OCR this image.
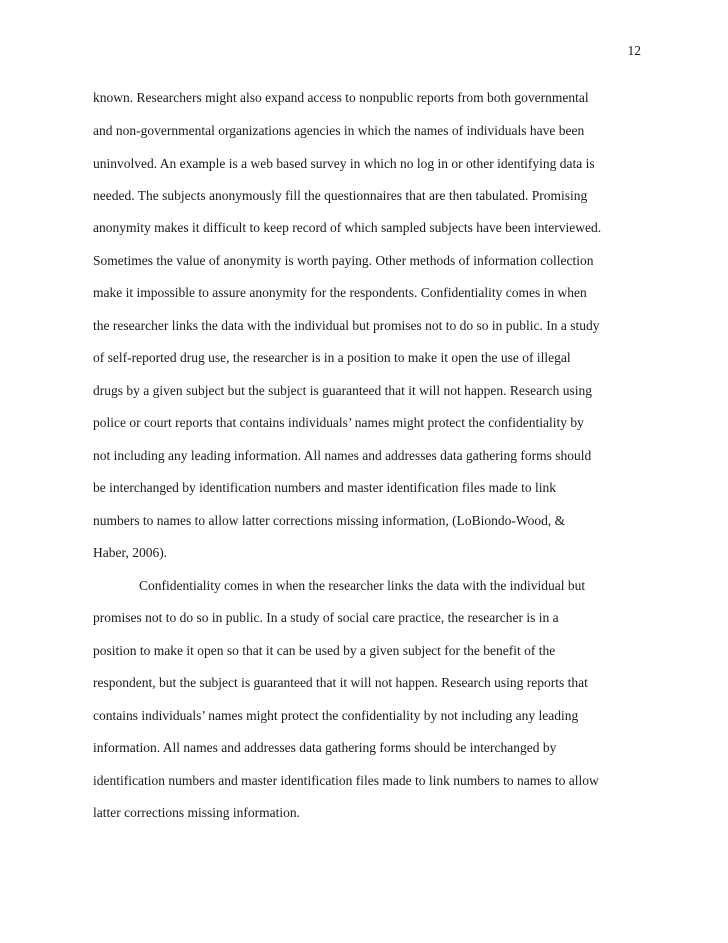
12
known. Researchers might also expand access to nonpublic reports from both governmental
and non-governmental organizations agencies in which the names of individuals have been
uninvolved. An example is a web based survey in which no log in or other identifying data is
needed. The subjects anonymously fill the questionnaires that are then tabulated. Promising
anonymity makes it difficult to keep record of which sampled subjects have been interviewed.
Sometimes the value of anonymity is worth paying. Other methods of information collection
make it impossible to assure anonymity for the respondents. Confidentiality comes in when
the researcher links the data with the individual but promises not to do so in public. In a study
of self-reported drug use, the researcher is in a position to make it open the use of illegal
drugs by a given subject but the subject is guaranteed that it will not happen. Research using
police or court reports that contains individuals’ names might protect the confidentiality by
not including any leading information. All names and addresses data gathering forms should
be interchanged by identification numbers and master identification files made to link
numbers to names to allow latter corrections missing information, (LoBiondo-Wood, &
Haber, 2006).
Confidentiality comes in when the researcher links the data with the individual but
promises not to do so in public. In a study of social care practice, the researcher is in a
position to make it open so that it can be used by a given subject for the benefit of the
respondent, but the subject is guaranteed that it will not happen. Research using reports that
contains individuals’ names might protect the confidentiality by not including any leading
information. All names and addresses data gathering forms should be interchanged by
identification numbers and master identification files made to link numbers to names to allow
latter corrections missing information.
